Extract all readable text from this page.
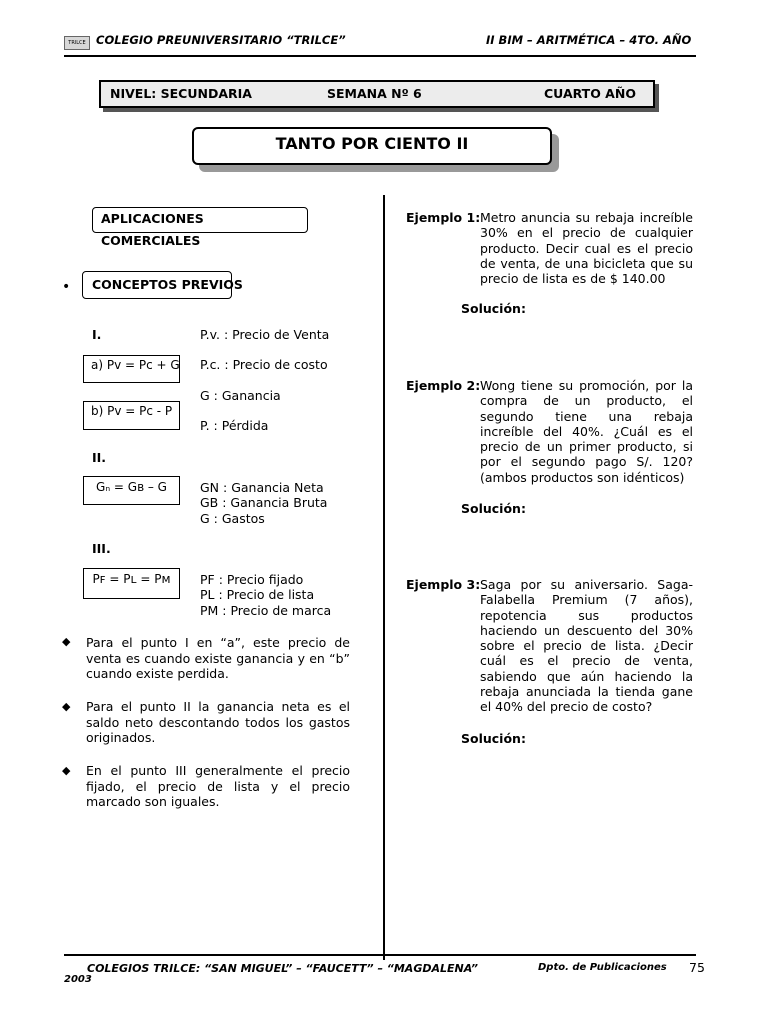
TRILCE COLEGIO PREUNIVERSITARIO “TRILCE”	II BIM – ARITMÉTICA – 4TO. AÑO
NIVEL: SECUNDARIA	SEMANA Nº 6	CUARTO AÑO
TANTO POR CIENTO II
APLICACIONES COMERCIALES
•	CONCEPTOS PREVIOS
I.
a) Pv = Pc + G
b) Pv = Pc - P
P.v. : Precio de Venta
P.c. : Precio de costo
G : Ganancia
P. : Pérdida
II.
Gₙ = Gʙ – G	GN : Ganancia Neta
GB : Ganancia Bruta
G : Gastos
III.
Pꜰ = Pʟ = Pᴍ	PF : Precio fijado
PL : Precio de lista
PM : Precio de marca
◆ Para el punto I en “a”, este precio de venta es cuando existe ganancia y en “b” cuando existe perdida.
◆ Para el punto II la ganancia neta es el saldo neto descontando todos los gastos originados.
◆ En el punto III generalmente el precio fijado, el precio de lista y el precio marcado son iguales.
Ejemplo 1: Metro anuncia su rebaja increíble 30% en el precio de cualquier producto. Decir cual es el precio de venta, de una bicicleta que su precio de lista es de $ 140.00
Solución:
Ejemplo 2: Wong tiene su promoción, por la compra de un producto, el segundo tiene una rebaja increíble del 40%. ¿Cuál es el precio de un primer producto, si por el segundo pago S/. 120? (ambos productos son idénticos)
Solución:
Ejemplo 3: Saga por su aniversario. Saga-Falabella Premium (7 años), repotencia sus productos haciendo un descuento del 30% sobre el precio de lista. ¿Decir cuál es el precio de venta, sabiendo que aún haciendo la rebaja anunciada la tienda gane el 40% del precio de costo?
Solución:
COLEGIOS TRILCE: “SAN MIGUEL” – “FAUCETT” – “MAGDALENA”	Dpto. de Publicaciones 75
2003
